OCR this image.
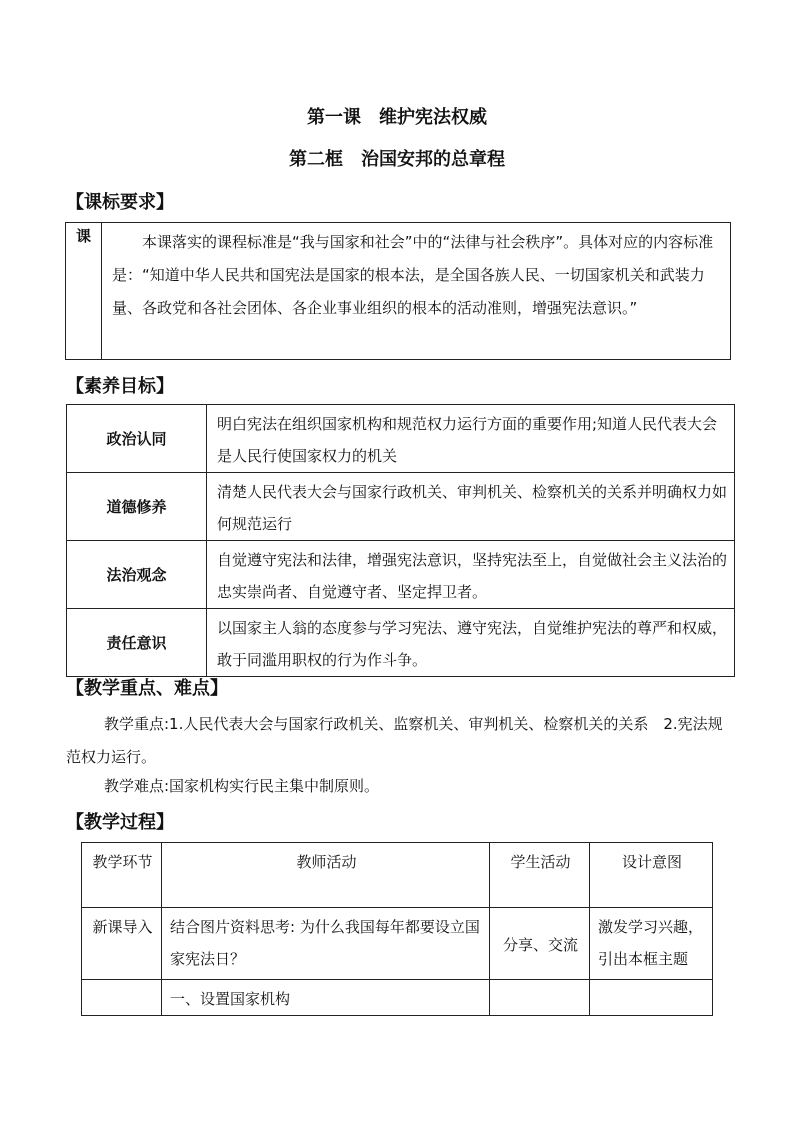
第一课　维护宪法权威
第二框　治国安邦的总章程
【课标要求】
课	本课落实的课程标准是“我与国家和社会”中的“法律与社会秩序”。具体对应的内容标准是：“知道中华人民共和国宪法是国家的根本法，是全国各族人民、一切国家机关和武装力量、各政党和各社会团体、各企业事业组织的根本的活动准则，增强宪法意识。”
【素养目标】
政治认同	明白宪法在组织国家机构和规范权力运行方面的重要作用;知道人民代表大会是人民行使国家权力的机关
道德修养	清楚人民代表大会与国家行政机关、审判机关、检察机关的关系并明确权力如何规范运行
法治观念	自觉遵守宪法和法律，增强宪法意识，坚持宪法至上，自觉做社会主义法治的忠实崇尚者、自觉遵守者、坚定捍卫者。
责任意识	以国家主人翁的态度参与学习宪法、遵守宪法，自觉维护宪法的尊严和权威，敢于同滥用职权的行为作斗争。
【教学重点、难点】
教学重点:1.人民代表大会与国家行政机关、监察机关、审判机关、检察机关的关系　2.宪法规范权力运行。
教学难点:国家机构实行民主集中制原则。
【教学过程】
教学环节	教师活动	学生活动	设计意图
新课导入	结合图片资料思考: 为什么我国每年都要设立国家宪法日？	分享、交流	激发学习兴趣，引出本框主题
	一、设置国家机构		
